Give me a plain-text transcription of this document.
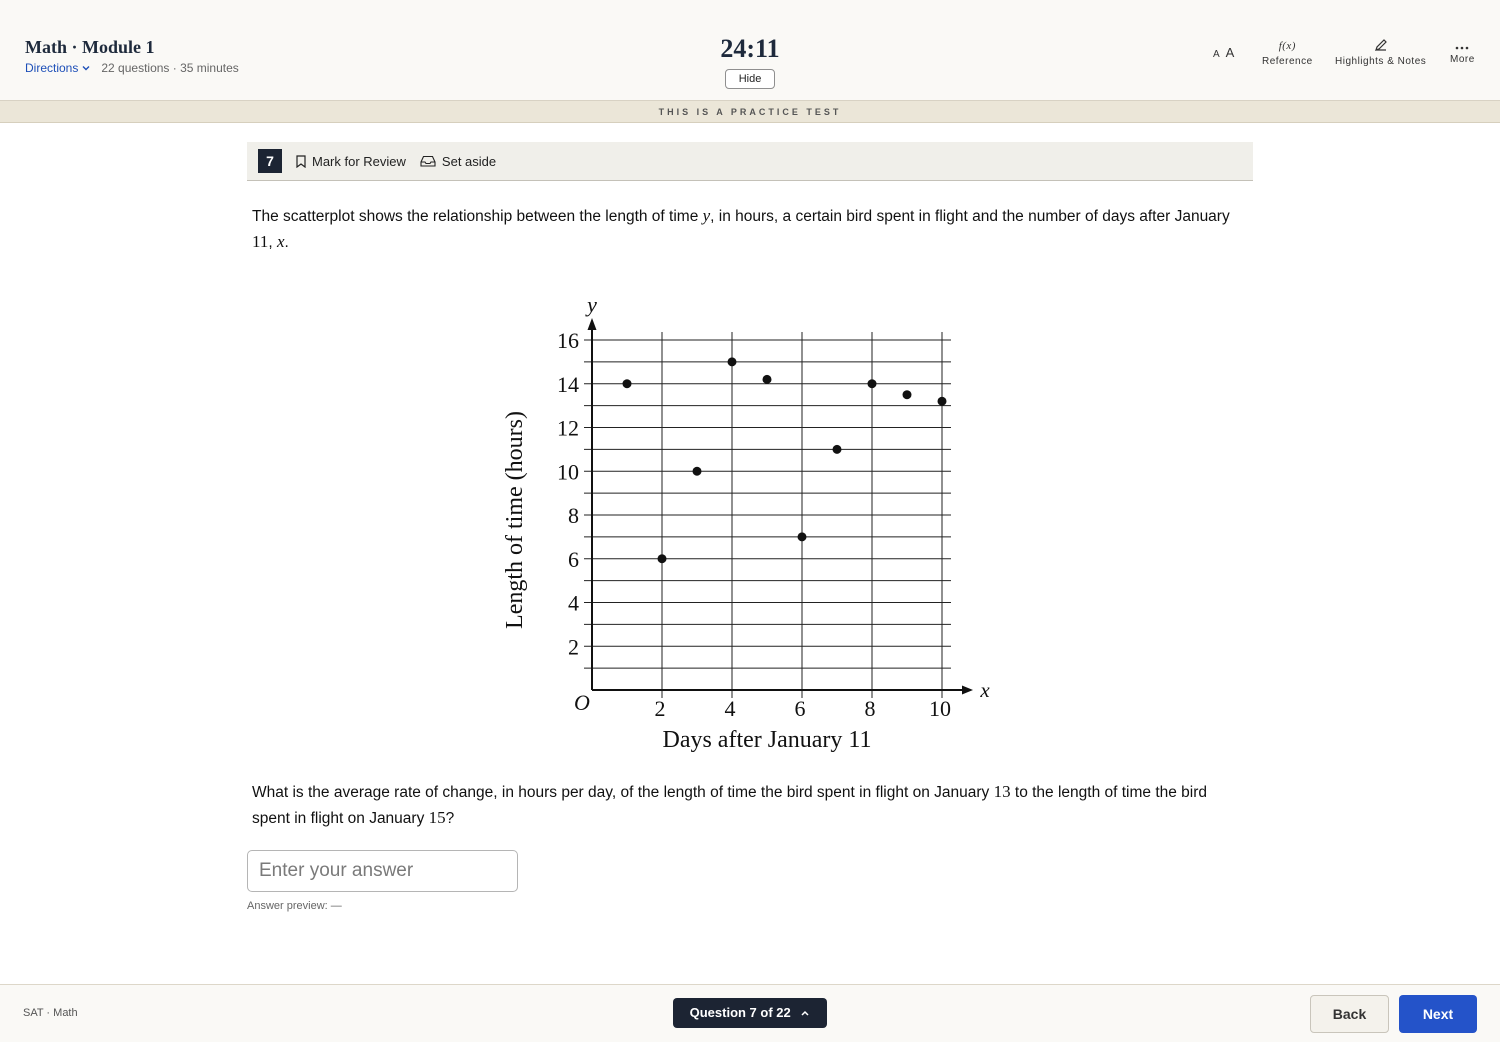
Math · Module 1
Directions 22 questions · 35 minutes
24:11
Hide
A A	f(x)
Reference Highlights & Notes More
THIS IS A PRACTICE TEST
7	Mark for Review	Set aside
The scatterplot shows the relationship between the length of time y, in hours, a certain bird spent in flight and the number of days after January 11, x.
2
4
6
8
10
12
14
16
2	4	6	8 10
O	x
y
Days after January 11
Length of time (hours)
What is the average rate of change, in hours per day, of the length of time the bird spent in flight on January 13 to the length of time the bird spent in flight on January 15?
Enter your answer
Answer preview: —
SAT · Math	Question 7 of 22	Back	Next
